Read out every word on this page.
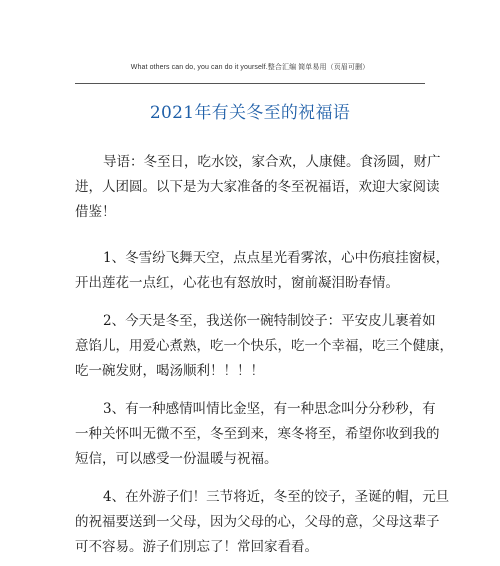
What others can do, you can do it yourself.整合汇编 简单易用（页眉可删）
2021年有关冬至的祝福语
导语：冬至日，吃水饺，家合欢，人康健。食汤圆，财广
进，人团圆。以下是为大家准备的冬至祝福语，欢迎大家阅读
借鉴！
1、冬雪纷飞舞天空，点点星光看雾浓，心中伤痕挂窗棂，
开出莲花一点红，心花也有怒放时，窗前凝泪盼春情。
2、今天是冬至，我送你一碗特制饺子：平安皮儿裹着如
意馅儿，用爱心煮熟，吃一个快乐，吃一个幸福，吃三个健康，
吃一碗发财，喝汤顺利！！！！
3、有一种感情叫情比金坚，有一种思念叫分分秒秒，有
一种关怀叫无微不至，冬至到来，寒冬将至，希望你收到我的
短信，可以感受一份温暖与祝福。
4、在外游子们！三节将近，冬至的饺子，圣诞的帽，元旦
的祝福要送到一父母，因为父母的心，父母的意，父母这辈子
可不容易。游子们別忘了！常回家看看。
